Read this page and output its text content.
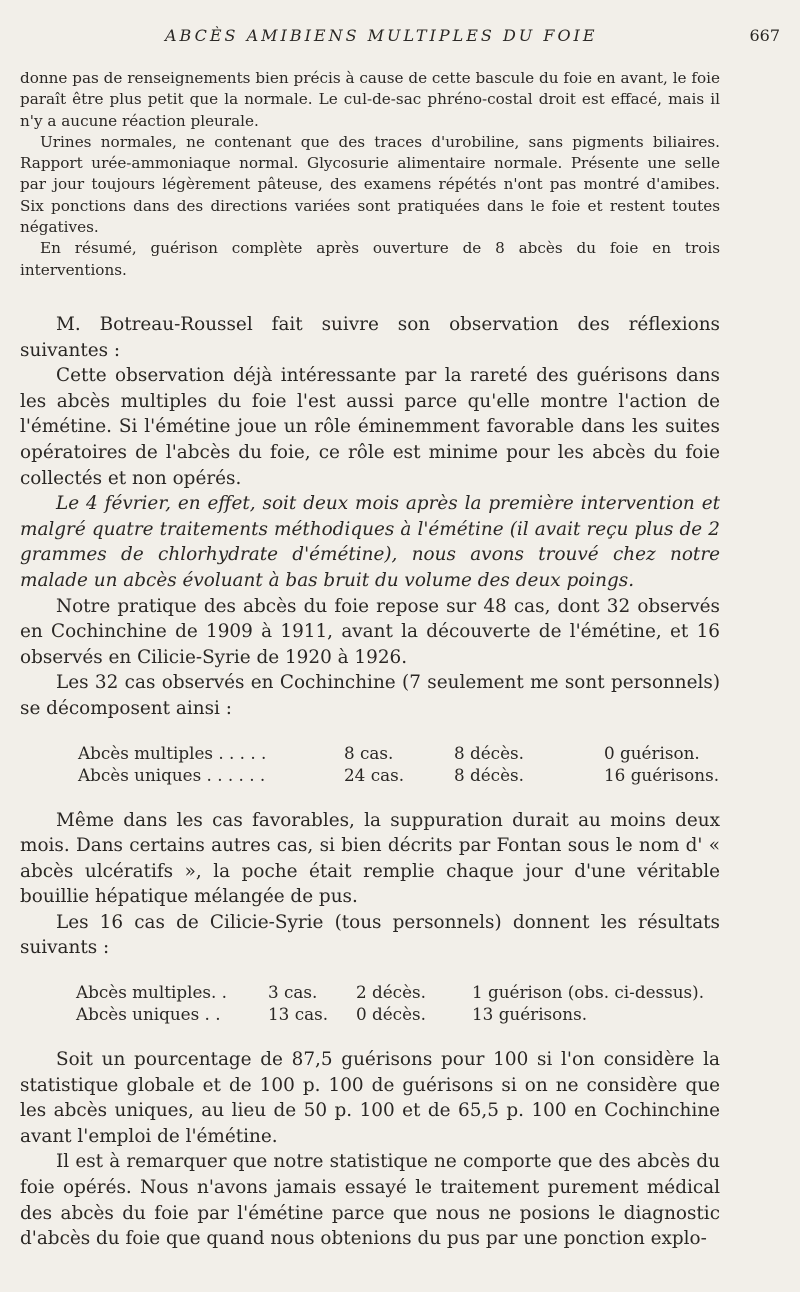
ABCÈS AMIBIENS MULTIPLES DU FOIE	667

donne pas de renseignements bien précis à cause de cette bascule du foie en avant, le foie paraît être plus petit que la normale. Le cul-de-sac phréno-costal droit est effacé, mais il n'y a aucune réaction pleurale.

Urines normales, ne contenant que des traces d'urobiline, sans pigments biliaires. Rapport urée-ammoniaque normal. Glycosurie alimentaire normale. Présente une selle par jour toujours légèrement pâteuse, des examens répétés n'ont pas montré d'amibes. Six ponctions dans des directions variées sont pratiquées dans le foie et restent toutes négatives.

En résumé, guérison complète après ouverture de 8 abcès du foie en trois interventions.

M. Botreau-Roussel fait suivre son observation des réflexions suivantes :

Cette observation déjà intéressante par la rareté des guérisons dans les abcès multiples du foie l'est aussi parce qu'elle montre l'action de l'émétine. Si l'émétine joue un rôle éminemment favorable dans les suites opératoires de l'abcès du foie, ce rôle est minime pour les abcès du foie collectés et non opérés.

Le 4 février, en effet, soit deux mois après la première intervention et malgré quatre traitements méthodiques à l'émétine (il avait reçu plus de 2 grammes de chlorhydrate d'émétine), nous avons trouvé chez notre malade un abcès évoluant à bas bruit du volume des deux poings.

Notre pratique des abcès du foie repose sur 48 cas, dont 32 observés en Cochinchine de 1909 à 1911, avant la découverte de l'émétine, et 16 observés en Cilicie-Syrie de 1920 à 1926.

Les 32 cas observés en Cochinchine (7 seulement me sont personnels) se décomposent ainsi :

Abcès multiples . . . . .	8 cas.	8 décès.	0 guérison.
Abcès uniques . . . . . .	24 cas.	8 décès.	16 guérisons.

Même dans les cas favorables, la suppuration durait au moins deux mois. Dans certains autres cas, si bien décrits par Fontan sous le nom d' « abcès ulcératifs », la poche était remplie chaque jour d'une véritable bouillie hépatique mélangée de pus.

Les 16 cas de Cilicie-Syrie (tous personnels) donnent les résultats suivants :

Abcès multiples. .	3 cas.	2 décès.	1 guérison (obs. ci-dessus).
Abcès uniques . .	13 cas.	0 décès.	13 guérisons.

Soit un pourcentage de 87,5 guérisons pour 100 si l'on considère la statistique globale et de 100 p. 100 de guérisons si on ne considère que les abcès uniques, au lieu de 50 p. 100 et de 65,5 p. 100 en Cochinchine avant l'emploi de l'émétine.

Il est à remarquer que notre statistique ne comporte que des abcès du foie opérés. Nous n'avons jamais essayé le traitement purement médical des abcès du foie par l'émétine parce que nous ne posions le diagnostic d'abcès du foie que quand nous obtenions du pus par une ponction explo-
